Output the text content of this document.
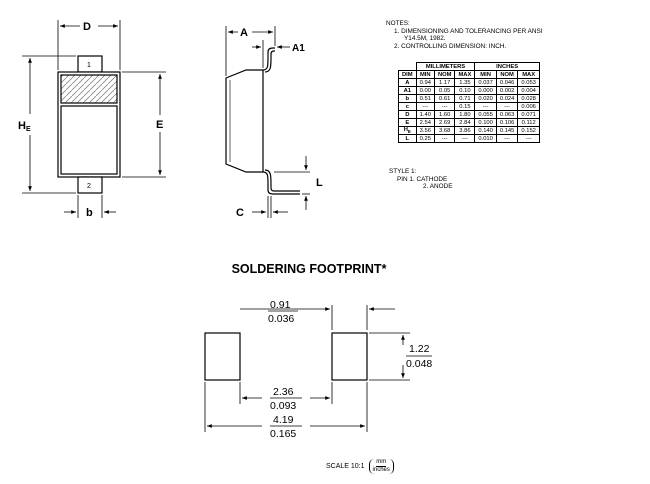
1
2
D
HE	E
b
A
A1
L
C
0.91
0.036
1.22
0.048
2.36
0.093
4.19
0.165
NOTES:
1. DIMENSIONING AND TOLERANCING PER ANSI
Y14.5M, 1982.
2. CONTROLLING DIMENSION: INCH.
	MILLIMETERS			INCHES		
DIM	MIN	NOM	MAX	MIN	NOM	MAX
A	0.94	1.17	1.35	0.037	0.046	0.053
A1	0.00	0.05	0.10	0.000	0.002	0.004
b	0.51	0.61	0.71	0.020	0.024	0.028
c	---	---	0.15	---	---	0.006
D	1.40	1.60	1.80	0.055	0.063	0.071
E	2.54	2.69	2.84	0.100	0.106	0.112
$H_E$	3.56	3.68	3.86	0.140	0.145	0.152
L	0.25	---	---	0.010	---	---
STYLE 1:
PIN 1. CATHODE
2. ANODE
SOLDERING FOOTPRINT*
SCALE 10:1 $\frac{mm}{\text{inches}}$
